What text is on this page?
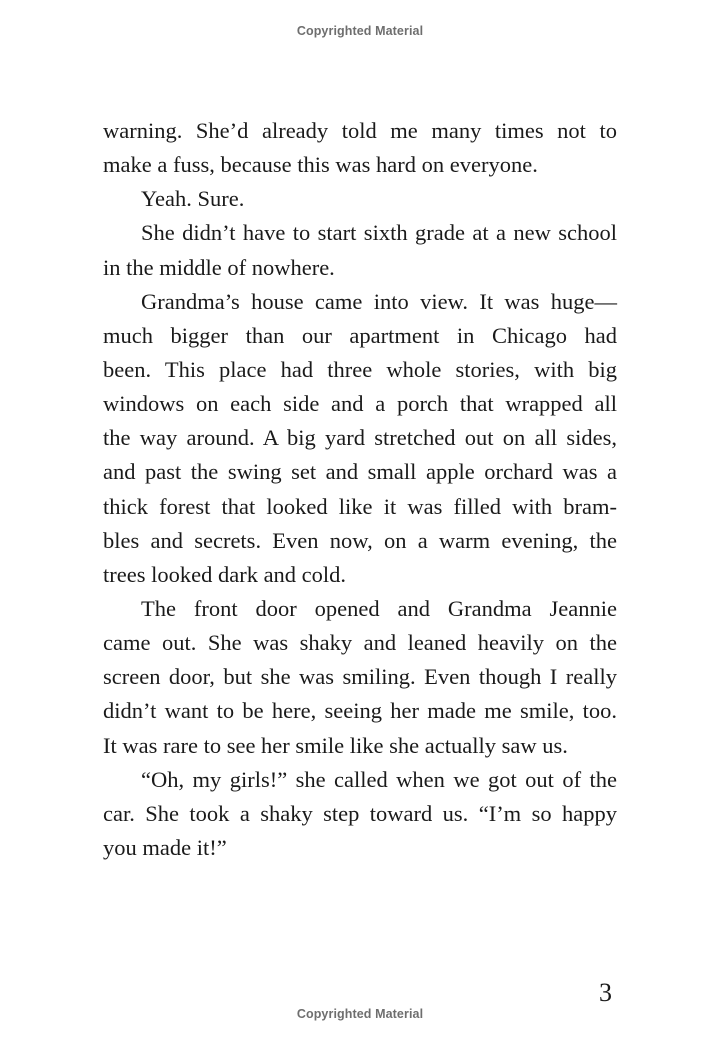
Copyrighted Material
warning. She’d already told me many times not to
make a fuss, because this was hard on everyone.
Yeah. Sure.
She didn’t have to start sixth grade at a new school
in the middle of nowhere.
Grandma’s house came into view. It was huge—
much bigger than our apartment in Chicago had
been. This place had three whole stories, with big
windows on each side and a porch that wrapped all
the way around. A big yard stretched out on all sides,
and past the swing set and small apple orchard was a
thick forest that looked like it was filled with bram-
bles and secrets. Even now, on a warm evening, the
trees looked dark and cold.
The front door opened and Grandma Jeannie
came out. She was shaky and leaned heavily on the
screen door, but she was smiling. Even though I really
didn’t want to be here, seeing her made me smile, too.
It was rare to see her smile like she actually saw us.
“Oh, my girls!” she called when we got out of the
car. She took a shaky step toward us. “I’m so happy
you made it!”
3
Copyrighted Material
